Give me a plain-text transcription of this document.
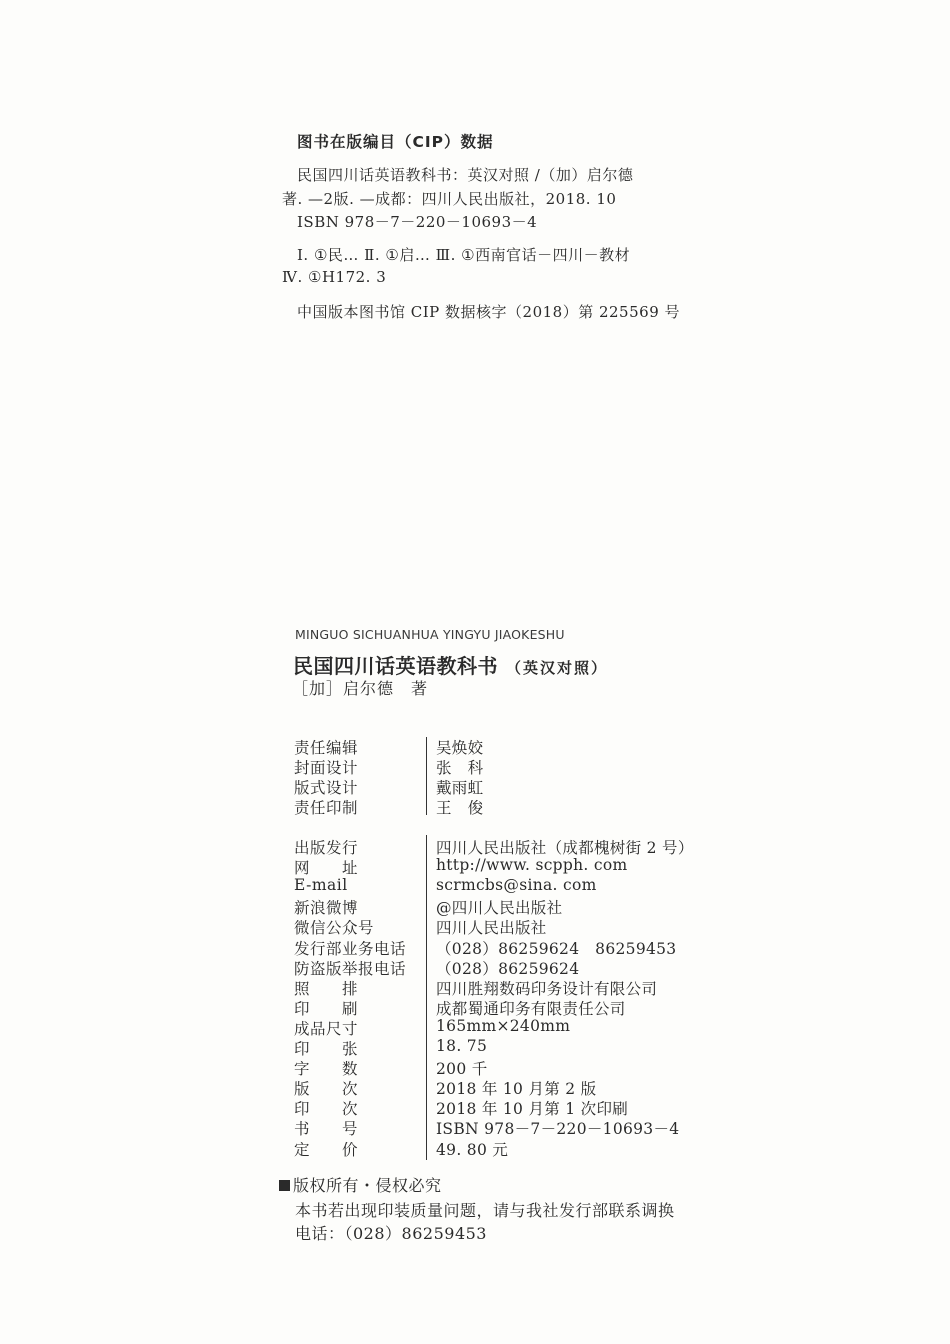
图书在版编目（CIP）数据
民国四川话英语教科书：英汉对照 /（加）启尔德
著. —2版. —成都：四川人民出版社，2018. 10
ISBN 978－7－220－10693－4
Ⅰ. ①民… Ⅱ. ①启… Ⅲ. ①西南官话－四川－教材
Ⅳ. ①H172. 3
中国版本图书馆 CIP 数据核字（2018）第 225569 号
MINGUO SICHUANHUA YINGYU JIAOKESHU
民国四川话英语教科书 （英汉对照）
［加］启尔德　著
责任编辑	吴焕姣
封面设计	张　科
版式设计	戴雨虹
责任印制	王　俊
出版发行	四川人民出版社（成都槐树街 2 号）
网　　址	http://www. scpph. com
E-mail	scrmcbs@sina. com
新浪微博	@四川人民出版社
微信公众号	四川人民出版社
发行部业务电话 （028）86259624　86259453
防盗版举报电话 （028）86259624
照　　排	四川胜翔数码印务设计有限公司
印　　刷	成都蜀通印务有限责任公司
成品尺寸	165mm×240mm
印　　张	18. 75
字　　数	200 千
版　　次	2018 年 10 月第 2 版
印　　次	2018 年 10 月第 1 次印刷
书　　号	ISBN 978－7－220－10693－4
定　　价	49. 80 元
版权所有・侵权必究
本书若出现印装质量问题，请与我社发行部联系调换
电话：（028）86259453
